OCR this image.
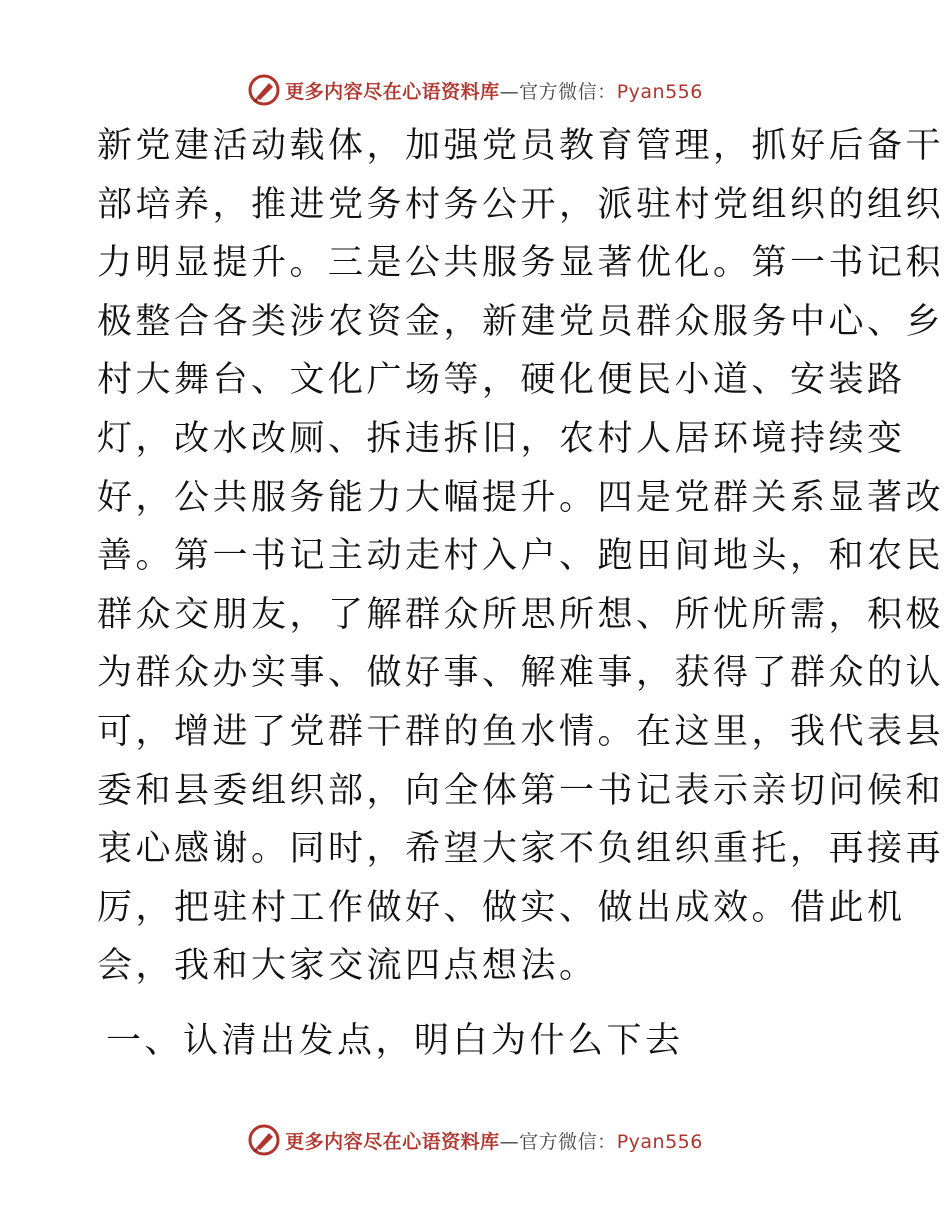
更多内容尽在心语资料库—官方微信：Pyan556

新党建活动载体，加强党员教育管理，抓好后备干
部培养，推进党务村务公开，派驻村党组织的组织
力明显提升。三是公共服务显著优化。第一书记积
极整合各类涉农资金，新建党员群众服务中心、乡
村大舞台、文化广场等，硬化便民小道、安装路
灯，改水改厕、拆违拆旧，农村人居环境持续变
好，公共服务能力大幅提升。四是党群关系显著改
善。第一书记主动走村入户、跑田间地头，和农民
群众交朋友，了解群众所思所想、所忧所需，积极
为群众办实事、做好事、解难事，获得了群众的认
可，增进了党群干群的鱼水情。在这里，我代表县
委和县委组织部，向全体第一书记表示亲切问候和
衷心感谢。同时，希望大家不负组织重托，再接再
厉，把驻村工作做好、做实、做出成效。借此机
会，我和大家交流四点想法。

一、认清出发点，明白为什么下去
更多内容尽在心语资料库—官方微信：Pyan556
